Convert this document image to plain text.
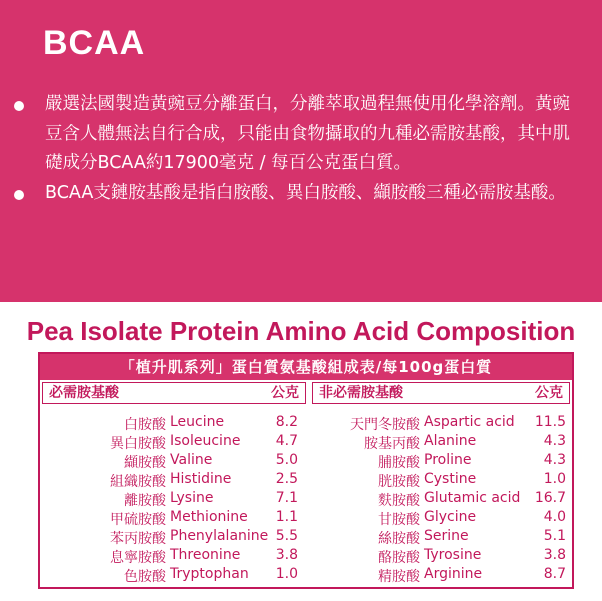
BCAA
嚴選法國製造黃豌豆分離蛋白，分離萃取過程無使用化學溶劑。黃豌豆含人體無法自行合成，只能由食物攝取的九種必需胺基酸，其中肌礎成分BCAA約17900毫克 / 每百公克蛋白質。
BCAA支鏈胺基酸是指白胺酸、異白胺酸、纈胺酸三種必需胺基酸。
Pea Isolate Protein Amino Acid Composition
「植升肌系列」蛋白質氨基酸組成表/每100g蛋白質
必需胺基酸	公克
白胺酸 Leucine	8.2
異白胺酸 Isoleucine	4.7
纈胺酸 Valine	5.0
組織胺酸 Histidine	2.5
離胺酸 Lysine	7.1
甲硫胺酸 Methionine 1.1
苯丙胺酸 Phenylalanine 5.5
息寧胺酸 Threonine	3.8
色胺酸 Tryptophan 1.0
非必需胺基酸	公克
天門冬胺酸 Aspartic acid 11.5
胺基丙酸 Alanine	4.3
脯胺酸 Proline	4.3
胱胺酸 Cystine	1.0
麩胺酸 Glutamic acid 16.7
甘胺酸 Glycine	4.0
絲胺酸 Serine	5.1
酪胺酸 Tyrosine	3.8
精胺酸 Arginine	8.7
